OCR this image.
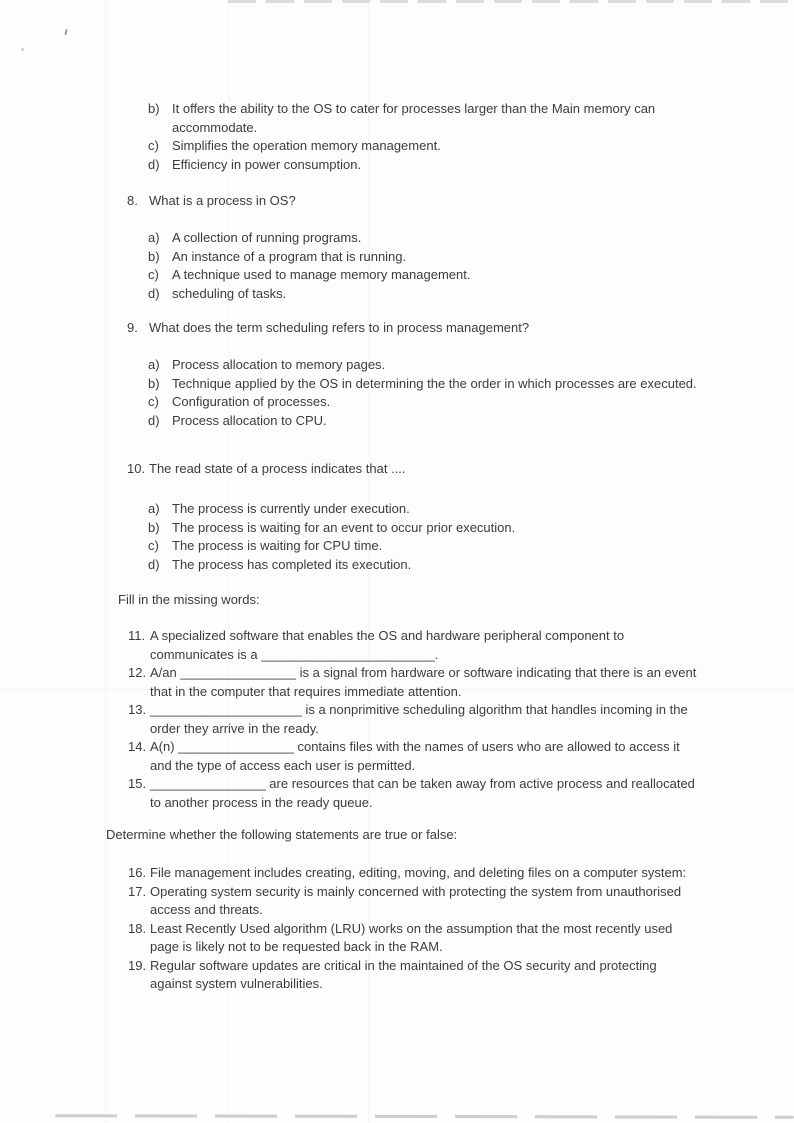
b) It offers the ability to the OS to cater for processes larger than the Main memory can accommodate.
c)	Simplifies the operation memory management.
d) Efficiency in power consumption.
8. What is a process in OS?
a) A collection of running programs.
b) An instance of a program that is running.
c)	A technique used to manage memory management.
d) scheduling of tasks.
9. What does the term scheduling refers to in process management?
a) Process allocation to memory pages.
b) Technique applied by the OS in determining the the order in which processes are executed.
c)	Configuration of processes.
d) Process allocation to CPU.
10. The read state of a process indicates that ....
a) The process is currently under execution.
b) The process is waiting for an event to occur prior execution.
c)	The process is waiting for CPU time.
d) The process has completed its execution.
Fill in the missing words:
11. A specialized software that enables the OS and hardware peripheral component to communicates is a ________________________.
12. A/an ________________ is a signal from hardware or software indicating that there is an event that in the computer that requires immediate attention.
13. _____________________ is a nonprimitive scheduling algorithm that handles incoming in the order they arrive in the ready.
14. A(n) ________________ contains files with the names of users who are allowed to access it and the type of access each user is permitted.
15. ________________ are resources that can be taken away from active process and reallocated to another process in the ready queue.
Determine whether the following statements are true or false:
16. File management includes creating, editing, moving, and deleting files on a computer system:
17. Operating system security is mainly concerned with protecting the system from unauthorised access and threats.
18. Least Recently Used algorithm (LRU) works on the assumption that the most recently used page is likely not to be requested back in the RAM.
19. Regular software updates are critical in the maintained of the OS security and protecting against system vulnerabilities.
